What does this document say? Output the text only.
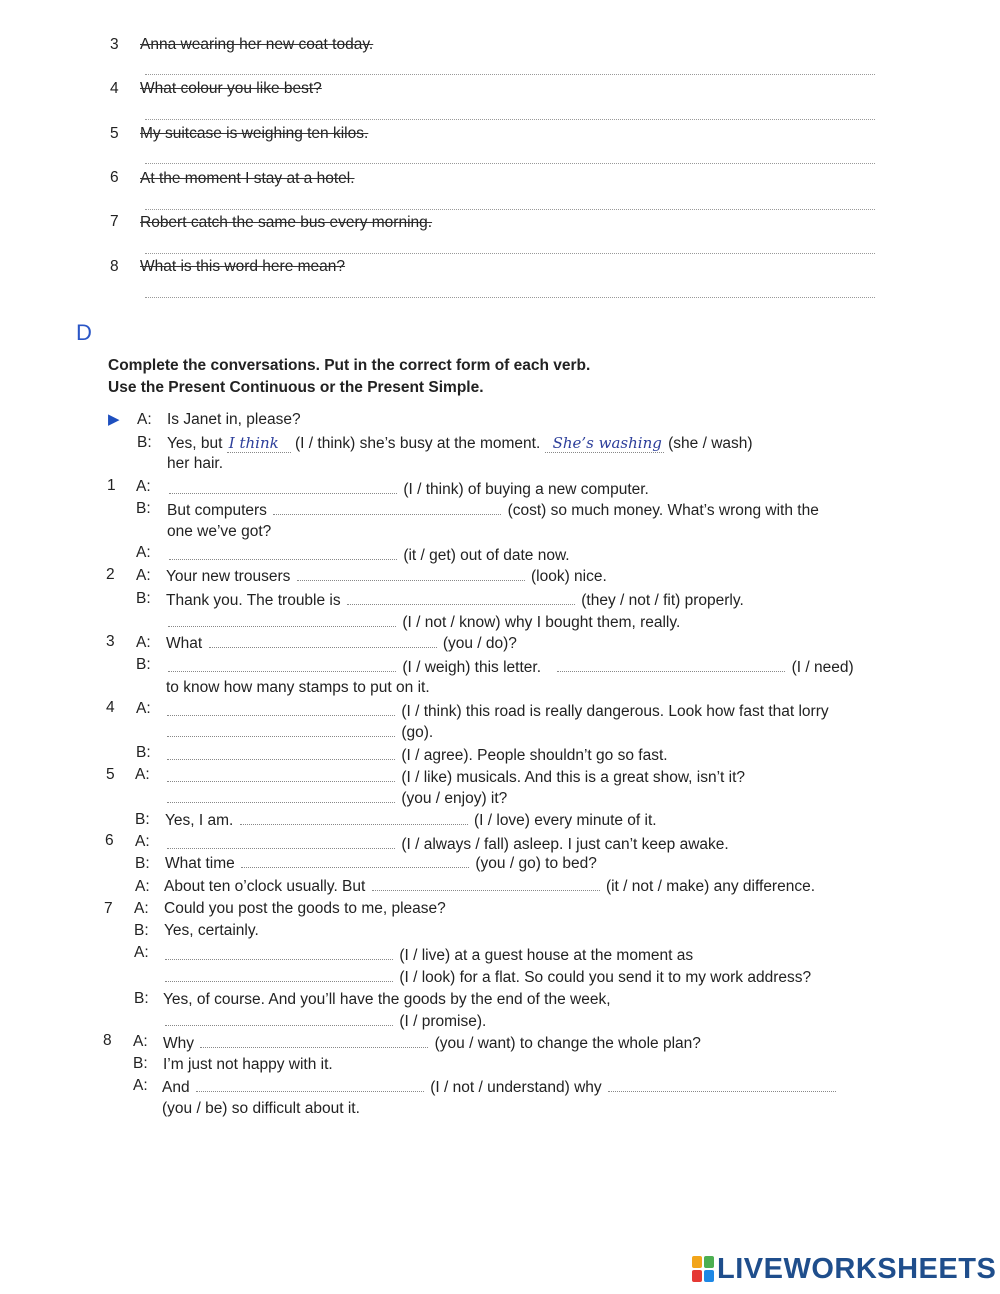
3	Anna wearing her new coat today.
4	What colour you like best?
5	My suitcase is weighing ten kilos.
6	At the moment I stay at a hotel.
7	Robert catch the same bus every morning.
8	What is this word here mean?
D
Complete the conversations. Put in the correct form of each verb.
Use the Present Continuous or the Present Simple.
▶ A: Is Janet in, please?
B: Yes, but I think (I / think) she’s busy at the moment. She’s washing (she / wash)
her hair.
1	A:	(I / think) of buying a new computer.
B: But computers	(cost) so much money. What’s wrong with the
one we’ve got?
A:	(it / get) out of date now.
2	A: Your new trousers	(look) nice.
B: Thank you. The trouble is	(they / not / fit) properly.
(I / not / know) why I bought them, really.
3	A: What	(you / do)?
B:	(I / weigh) this letter.	(I / need)
to know how many stamps to put on it.
4	A:	(I / think) this road is really dangerous. Look how fast that lorry
(go).
B:	(I / agree). People shouldn’t go so fast.
5	A:	(I / like) musicals. And this is a great show, isn’t it?
(you / enjoy) it?
B: Yes, I am.	(I / love) every minute of it.
6	A:	(I / always / fall) asleep. I just can’t keep awake.
B: What time	(you / go) to bed?
A: About ten o’clock usually. But	(it / not / make) any difference.
7	A: Could you post the goods to me, please?
B: Yes, certainly.
A:	(I / live) at a guest house at the moment as
(I / look) for a flat. So could you send it to my work address?
B: Yes, of course. And you’ll have the goods by the end of the week,
(I / promise).
8	A: Why	(you / want) to change the whole plan?
B: I’m just not happy with it.
A: And	(I / not / understand) why
(you / be) so difficult about it.
LIVEWORKSHEETS
